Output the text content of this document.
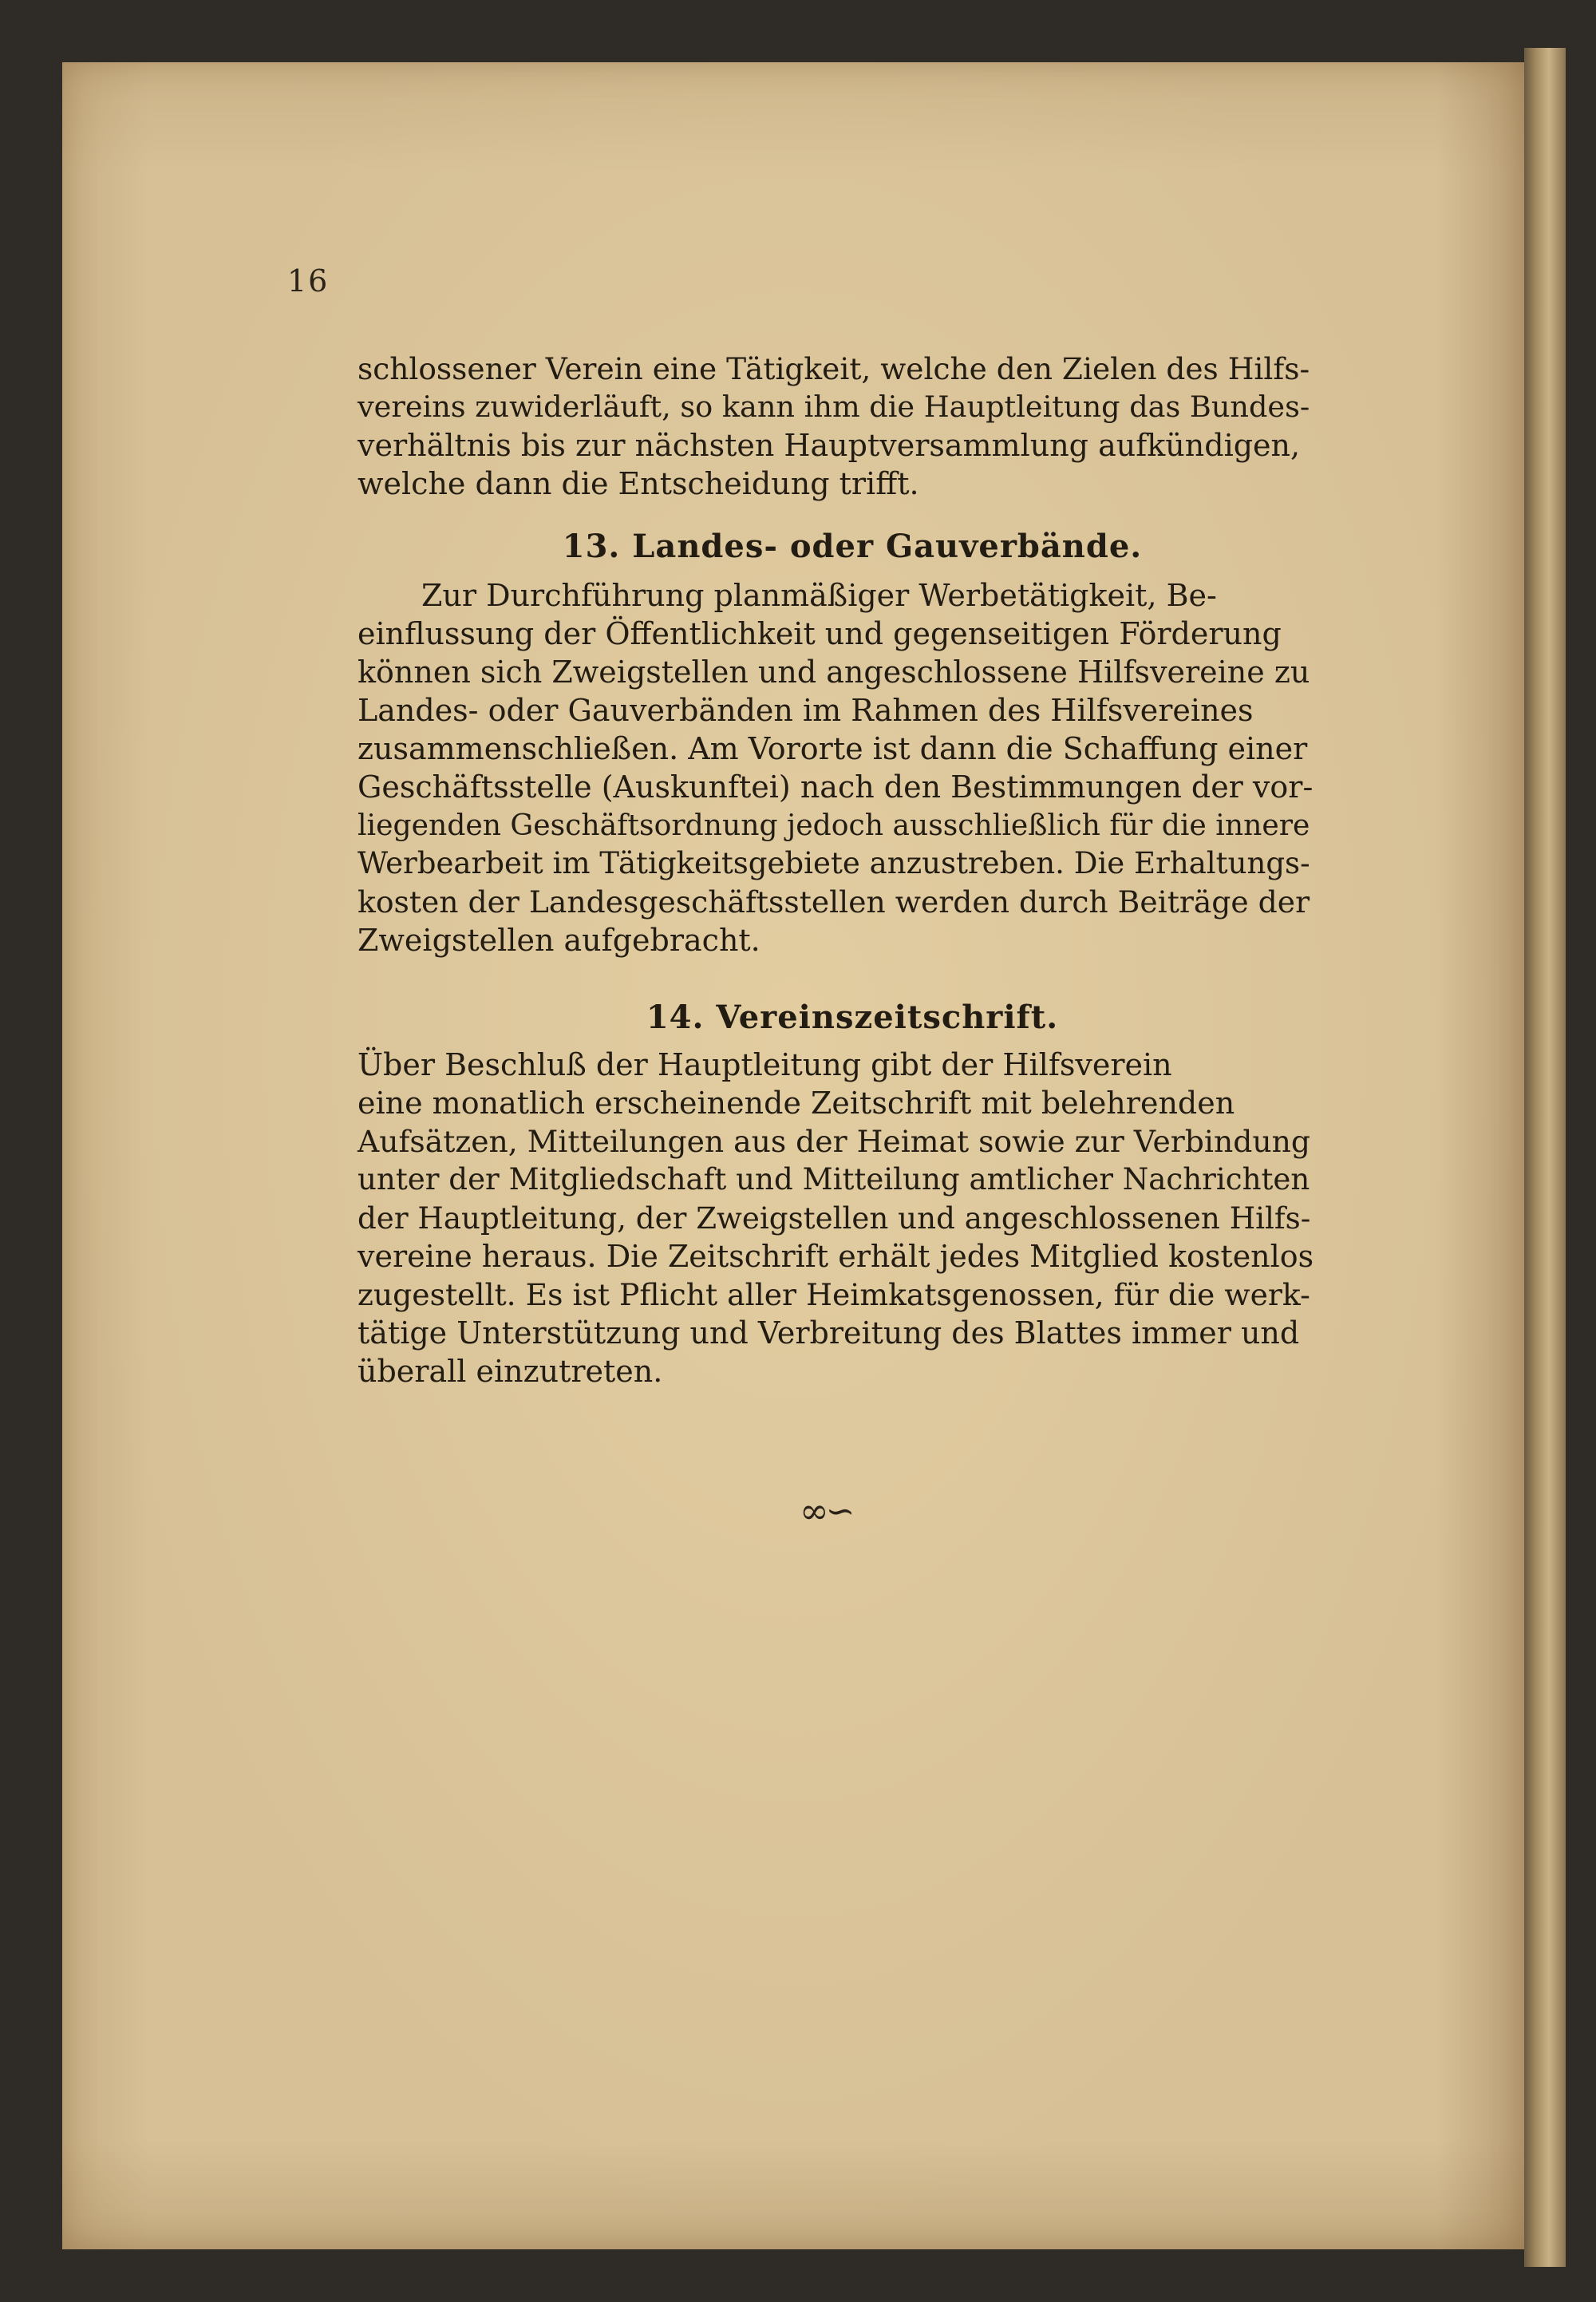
16

schlossener Verein eine Tätigkeit, welche den Zielen des Hilfs-
vereins zuwiderläuft, so kann ihm die Hauptleitung das Bundes-
verhältnis bis zur nächsten Hauptversammlung aufkündigen,
welche dann die Entscheidung trifft.

13. Landes- oder Gauverbände.

Zur Durchführung planmäßiger Werbetätigkeit, Be-
einflussung der Öffentlichkeit und gegenseitigen Förderung
können sich Zweigstellen und angeschlossene Hilfsvereine zu
Landes- oder Gauverbänden im Rahmen des Hilfsvereines
zusammenschließen. Am Vororte ist dann die Schaffung einer
Geschäftsstelle (Auskunftei) nach den Bestimmungen der vor-
liegenden Geschäftsordnung jedoch ausschließlich für die innere
Werbearbeit im Tätigkeitsgebiete anzustreben. Die Erhaltungs-
kosten der Landesgeschäftsstellen werden durch Beiträge der
Zweigstellen aufgebracht.

14. Vereinszeitschrift.

Über Beschluß der Hauptleitung gibt der Hilfsverein
eine monatlich erscheinende Zeitschrift mit belehrenden
Aufsätzen, Mitteilungen aus der Heimat sowie zur Verbindung
unter der Mitgliedschaft und Mitteilung amtlicher Nachrichten
der Hauptleitung, der Zweigstellen und angeschlossenen Hilfs-
vereine heraus. Die Zeitschrift erhält jedes Mitglied kostenlos
zugestellt. Es ist Pflicht aller Heimkatsgenossen, für die werk-
tätige Unterstützung und Verbreitung des Blattes immer und
überall einzutreten.

∞∽
